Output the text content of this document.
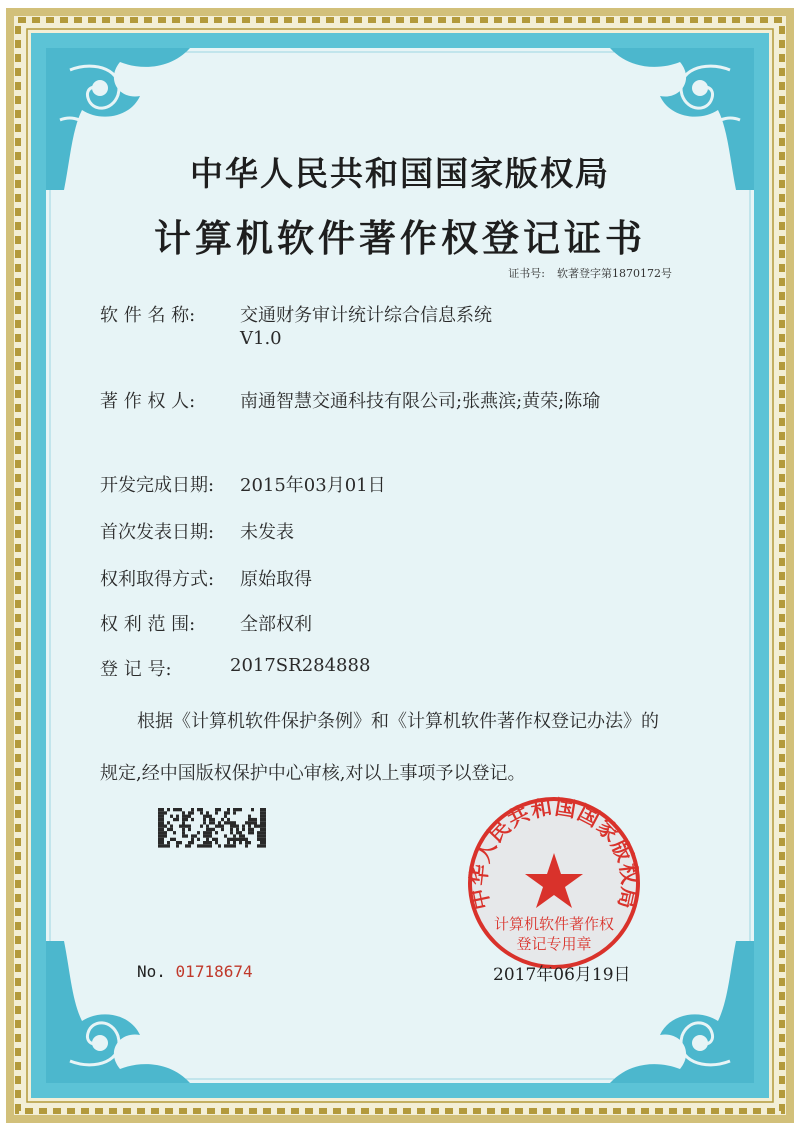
中华人民共和国国家版权局
计算机软件著作权登记证书
证书号: 软著登字第1870172号
软 件 名 称: 交通财务审计统计综合信息系统
V1.0
著 作 权 人: 南通智慧交通科技有限公司;张燕滨;黄荣;陈瑜
开发完成日期: 2015年03月01日
首次发表日期: 未发表
权利取得方式: 原始取得
权 利 范 围: 全部权利
登 记 号:	2017SR284888
根据《计算机软件保护条例》和《计算机软件著作权登记办法》的
规定,经中国版权保护中心审核,对以上事项予以登记。
中华人民共和国国家版权局
计算机软件著作权
登记专用章
No. 01718674	2017年06月19日
